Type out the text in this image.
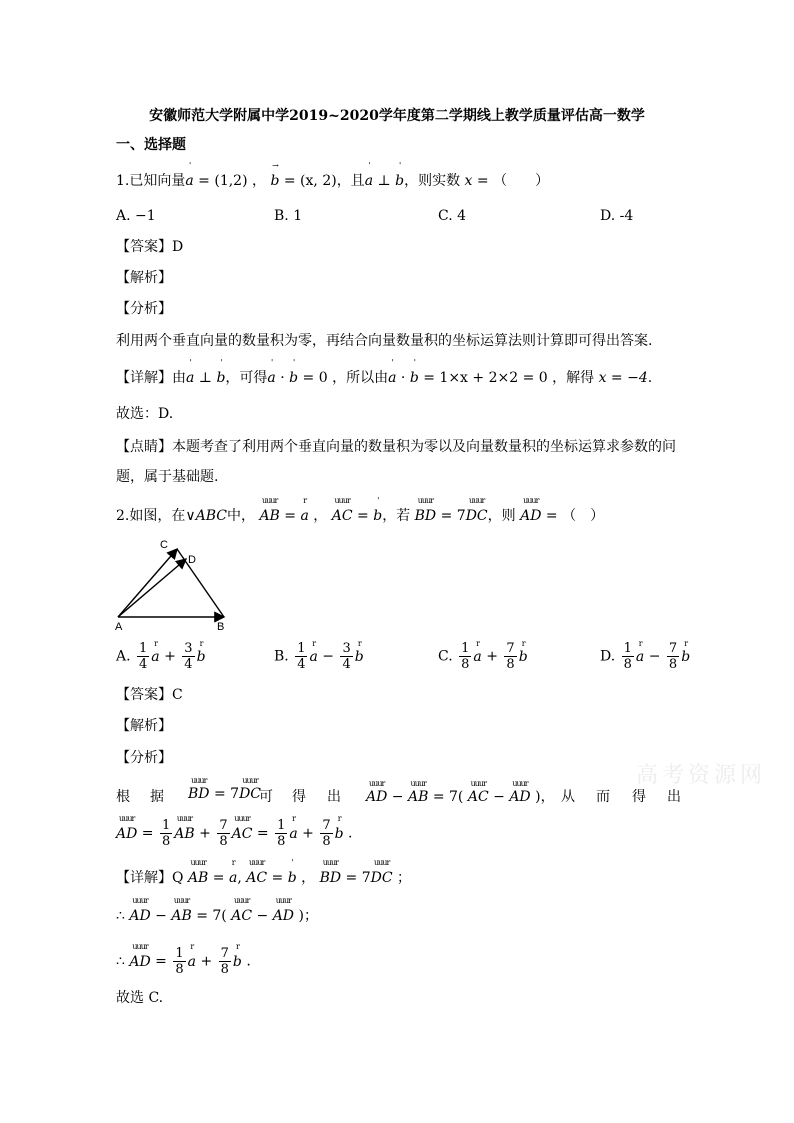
安徽师范大学附属中学2019~2020学年度第二学期线上教学质量评估高一数学
一、选择题
1.已知向量a
'
= (1,2) ， b
→
= (x, 2)，且a
'
⊥ b
'
，则实数 x = （　　）
A. −1	B. 1	C. 4	D. -4
【答案】D
【解析】
【分析】
利用两个垂直向量的数量积为零，再结合向量数量积的坐标运算法则计算即可得出答案.
【详解】由a
'
⊥ b
'
，可得a
'
· b
'
= 0 ，所以由a
'
· b
'
= 1×x + 2×2 = 0 ，解得 x = −4.
故选：D.
【点睛】本题考查了利用两个垂直向量的数量积为零以及向量数量积的坐标运算求参数的问
题，属于基础题.
2.如图，在∨ABC中， AB
uuur
= a
r
， AC
uuur
= b
'
，若 BD
uuur
= 7DC
uuur
，则 AD
uuur
= （　）
C
D
A	B
A. $\frac{1}{4}$ a
r
+ $\frac{3}{4}$ b
r
B. $\frac{1}{4}$ a
r
− $\frac{3}{4}$ b
r
C. $\frac{1}{8}$ a
r
+ $\frac{7}{8}$ b
r
D. $\frac{1}{8}$ a
r
− $\frac{7}{8}$ b
r
【答案】C
【解析】
【分析】
根 据 BD
uuur
= 7DC
uuur
可 得 出 AD
uuur
− AB
uuur
= 7( AC
uuur
− AD
uuur
)， 从 而 得 出
AD
uuur
= $\frac{1}{8}$ AB
uuur
+ $\frac{7}{8}$ AC
uuur
= $\frac{1}{8}$ a
r
+ $\frac{7}{8}$ b
r
.
【详解】Q AB
uuur
= a
r
, AC
uuur
= b
'
， BD
uuur
= 7DC
uuur
；
∴ AD
uuur
− AB
uuur
= 7( AC
uuur
− AD
uuur
)；
∴ AD
uuur
= $\frac{1}{8}$ a
r
+ $\frac{7}{8}$ b
r
.
故选 C.
高考资源网
